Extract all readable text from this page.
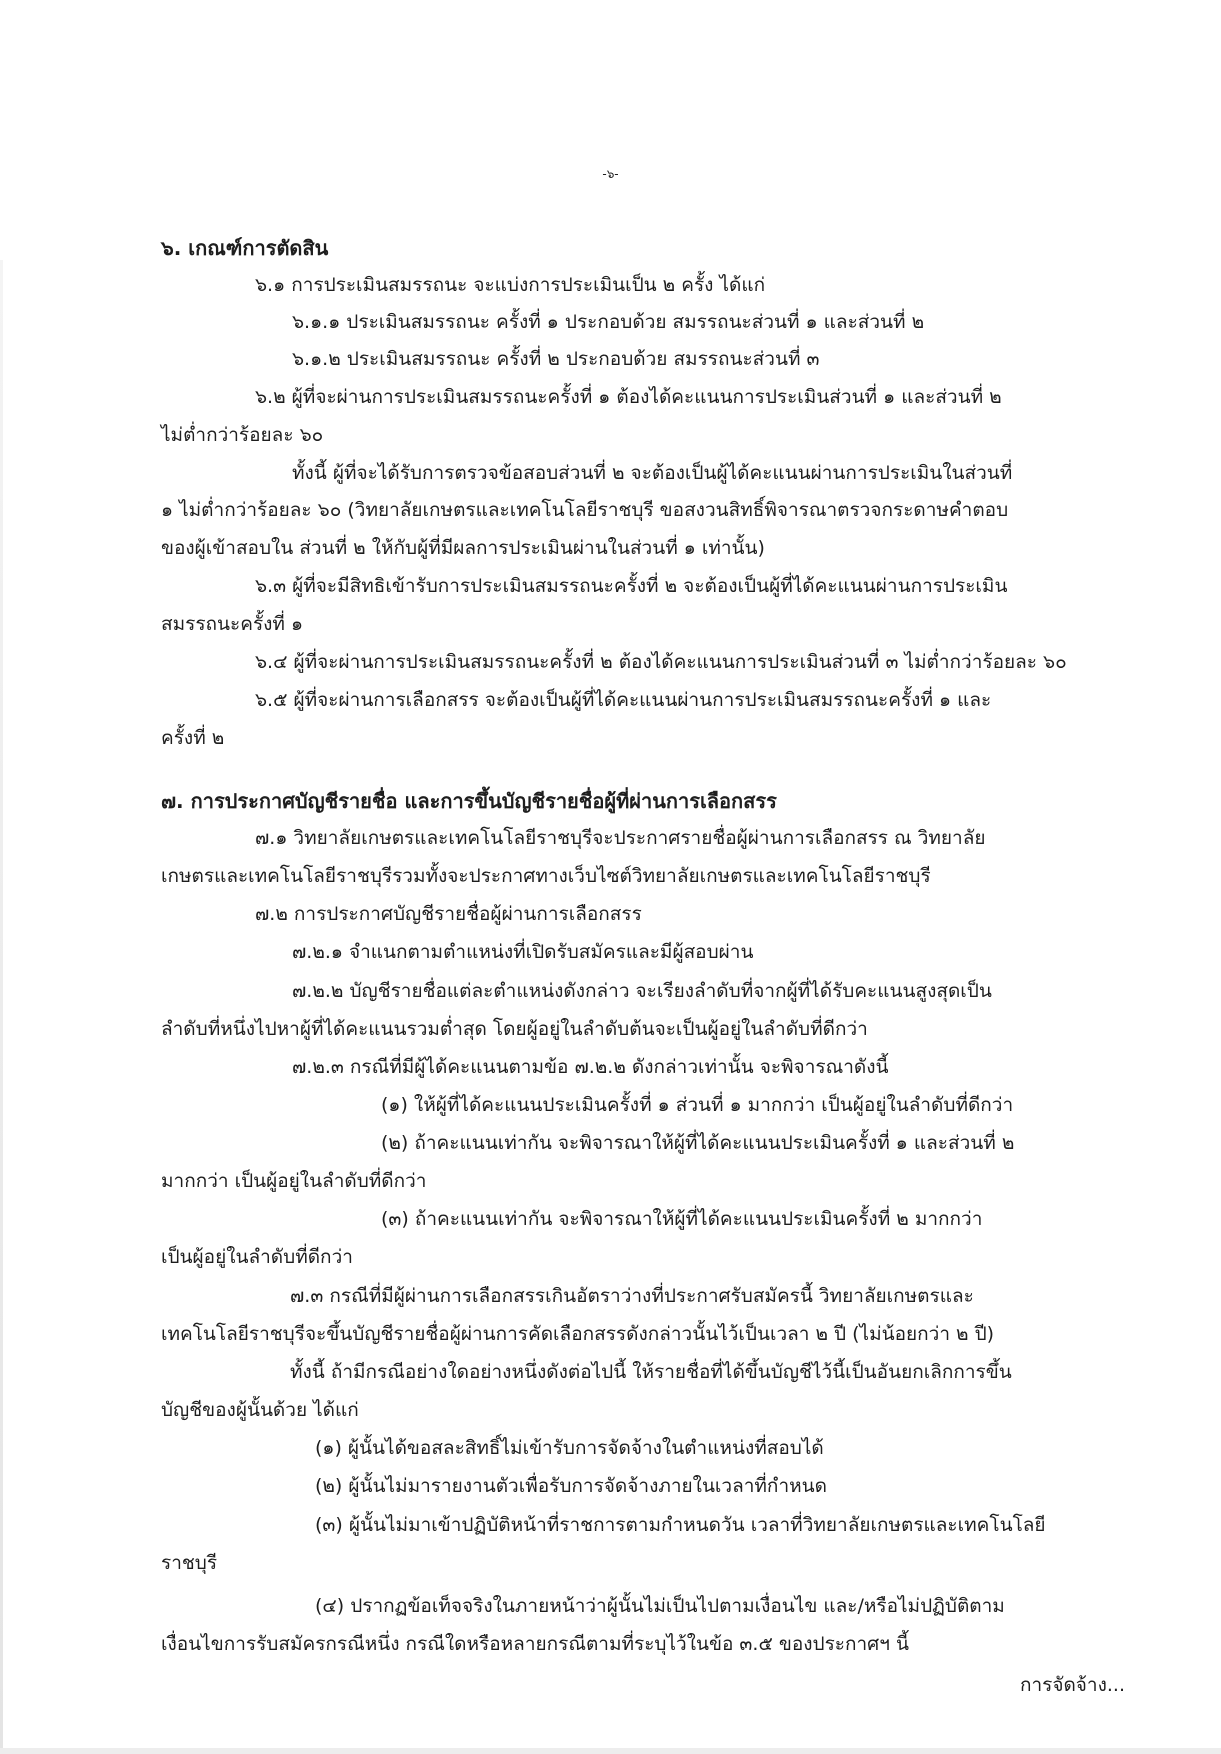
-๖-
๖. เกณฑ์การตัดสิน
๖.๑ การประเมินสมรรถนะ จะแบ่งการประเมินเป็น ๒ ครั้ง ได้แก่
๖.๑.๑ ประเมินสมรรถนะ ครั้งที่ ๑ ประกอบด้วย สมรรถนะส่วนที่ ๑ และส่วนที่ ๒
๖.๑.๒ ประเมินสมรรถนะ ครั้งที่ ๒ ประกอบด้วย สมรรถนะส่วนที่ ๓
๖.๒ ผู้ที่จะผ่านการประเมินสมรรถนะครั้งที่ ๑ ต้องได้คะแนนการประเมินส่วนที่ ๑ และส่วนที่ ๒
ไม่ต่ำกว่าร้อยละ ๖๐
ทั้งนี้ ผู้ที่จะได้รับการตรวจข้อสอบส่วนที่ ๒ จะต้องเป็นผู้ได้คะแนนผ่านการประเมินในส่วนที่
๑ ไม่ต่ำกว่าร้อยละ ๖๐ (วิทยาลัยเกษตรและเทคโนโลยีราชบุรี ขอสงวนสิทธิ์พิจารณาตรวจกระดาษคำตอบ
ของผู้เข้าสอบใน ส่วนที่ ๒ ให้กับผู้ที่มีผลการประเมินผ่านในส่วนที่ ๑ เท่านั้น)
๖.๓ ผู้ที่จะมีสิทธิเข้ารับการประเมินสมรรถนะครั้งที่ ๒ จะต้องเป็นผู้ที่ได้คะแนนผ่านการประเมิน
สมรรถนะครั้งที่ ๑
๖.๔ ผู้ที่จะผ่านการประเมินสมรรถนะครั้งที่ ๒ ต้องได้คะแนนการประเมินส่วนที่ ๓ ไม่ต่ำกว่าร้อยละ ๖๐
๖.๕ ผู้ที่จะผ่านการเลือกสรร จะต้องเป็นผู้ที่ได้คะแนนผ่านการประเมินสมรรถนะครั้งที่ ๑ และ
ครั้งที่ ๒
๗. การประกาศบัญชีรายชื่อ และการขึ้นบัญชีรายชื่อผู้ที่ผ่านการเลือกสรร
๗.๑ วิทยาลัยเกษตรและเทคโนโลยีราชบุรีจะประกาศรายชื่อผู้ผ่านการเลือกสรร ณ วิทยาลัย
เกษตรและเทคโนโลยีราชบุรีรวมทั้งจะประกาศทางเว็บไซต์วิทยาลัยเกษตรและเทคโนโลยีราชบุรี
๗.๒ การประกาศบัญชีรายชื่อผู้ผ่านการเลือกสรร
๗.๒.๑ จำแนกตามตำแหน่งที่เปิดรับสมัครและมีผู้สอบผ่าน
๗.๒.๒ บัญชีรายชื่อแต่ละตำแหน่งดังกล่าว จะเรียงลำดับที่จากผู้ที่ได้รับคะแนนสูงสุดเป็น
ลำดับที่หนึ่งไปหาผู้ที่ได้คะแนนรวมต่ำสุด โดยผู้อยู่ในลำดับต้นจะเป็นผู้อยู่ในลำดับที่ดีกว่า
๗.๒.๓ กรณีที่มีผู้ได้คะแนนตามข้อ ๗.๒.๒ ดังกล่าวเท่านั้น จะพิจารณาดังนี้
(๑) ให้ผู้ที่ได้คะแนนประเมินครั้งที่ ๑ ส่วนที่ ๑ มากกว่า เป็นผู้อยู่ในลำดับที่ดีกว่า
(๒) ถ้าคะแนนเท่ากัน จะพิจารณาให้ผู้ที่ได้คะแนนประเมินครั้งที่ ๑ และส่วนที่ ๒
มากกว่า เป็นผู้อยู่ในลำดับที่ดีกว่า
(๓) ถ้าคะแนนเท่ากัน จะพิจารณาให้ผู้ที่ได้คะแนนประเมินครั้งที่ ๒ มากกว่า
เป็นผู้อยู่ในลำดับที่ดีกว่า
๗.๓ กรณีที่มีผู้ผ่านการเลือกสรรเกินอัตราว่างที่ประกาศรับสมัครนี้ วิทยาลัยเกษตรและ
เทคโนโลยีราชบุรีจะขึ้นบัญชีรายชื่อผู้ผ่านการคัดเลือกสรรดังกล่าวนั้นไว้เป็นเวลา ๒ ปี (ไม่น้อยกว่า ๒ ปี)
ทั้งนี้ ถ้ามีกรณีอย่างใดอย่างหนึ่งดังต่อไปนี้ ให้รายชื่อที่ได้ขึ้นบัญชีไว้นี้เป็นอันยกเลิกการขึ้น
บัญชีของผู้นั้นด้วย ได้แก่
(๑) ผู้นั้นได้ขอสละสิทธิ์ไม่เข้ารับการจัดจ้างในตำแหน่งที่สอบได้
(๒) ผู้นั้นไม่มารายงานตัวเพื่อรับการจัดจ้างภายในเวลาที่กำหนด
(๓) ผู้นั้นไม่มาเข้าปฏิบัติหน้าที่ราชการตามกำหนดวัน เวลาที่วิทยาลัยเกษตรและเทคโนโลยี
ราชบุรี
(๔) ปรากฏข้อเท็จจริงในภายหน้าว่าผู้นั้นไม่เป็นไปตามเงื่อนไข และ/หรือไม่ปฏิบัติตาม
เงื่อนไขการรับสมัครกรณีหนึ่ง กรณีใดหรือหลายกรณีตามที่ระบุไว้ในข้อ ๓.๕ ของประกาศฯ นี้
การจัดจ้าง...
